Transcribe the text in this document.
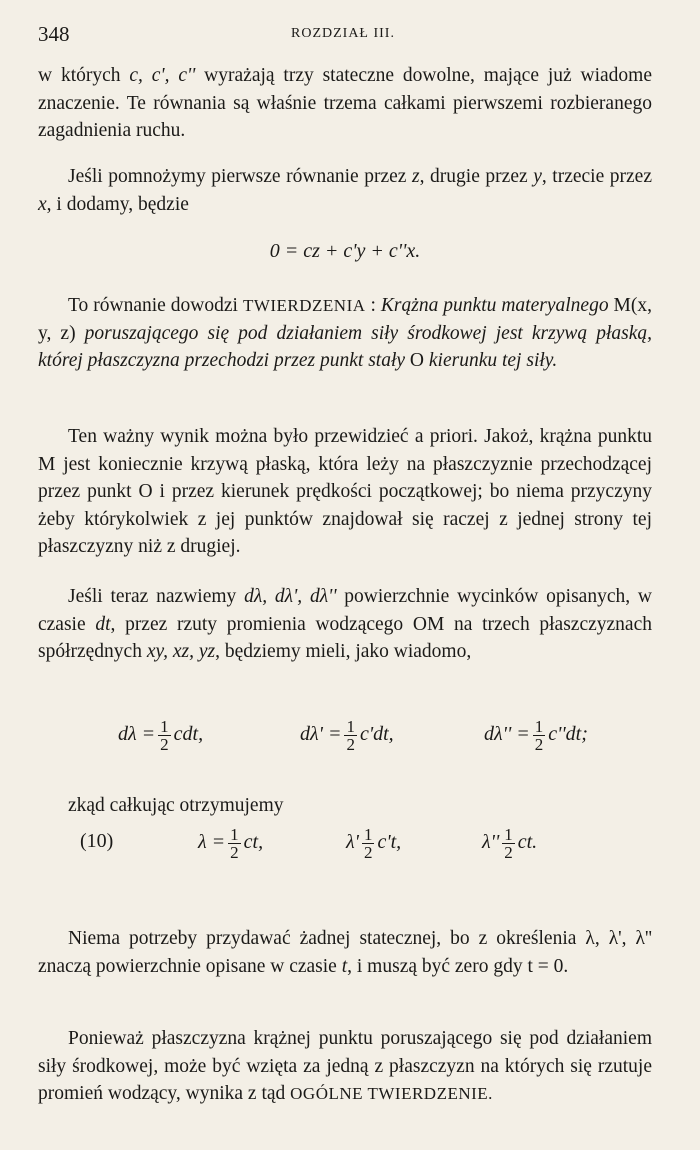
348	ROZDZIAŁ III.

w których c, c', c'' wyrażają trzy stateczne dowolne, mające już wiadome znaczenie. Te równania są właśnie trzema całkami pierwszemi rozbieranego zagadnienia ruchu.

Jeśli pomnożymy pierwsze równanie przez z, drugie przez y, trzecie przez x, i dodamy, będzie

0 = cz + c'y + c''x.

To równanie dowodzi TWIERDZENIA : Krążna punktu materyalnego M(x, y, z) poruszającego się pod działaniem siły środkowej jest krzywą płaską, której płaszczyzna przechodzi przez punkt stały O kierunku tej siły.

Ten ważny wynik można było przewidzieć a priori. Jakoż, krążna punktu M jest koniecznie krzywą płaską, która leży na płaszczyznie przechodzącej przez punkt O i przez kierunek prędkości początkowej; bo niema przyczyny żeby którykolwiek z jej punktów znajdował się raczej z jednej strony tej płaszczyzny niż z drugiej.

Jeśli teraz nazwiemy dλ, dλ', dλ'' powierzchnie wycinków opisanych, w czasie dt, przez rzuty promienia wodzącego OM na trzech płaszczyznach spółrzędnych xy, xz, yz, będziemy mieli, jako wiadomo,

$d\lambda = \frac{1}{2}$ cdt,	$d\lambda' = \frac{1}{2} c'dt$,	$d\lambda'' = \frac{1}{2} c''dt$;

zkąd całkując otrzymujemy

(10)	$\lambda = \frac{1}{2}$ ct,	$\lambda' \frac{1}{2} c't$,	$\lambda'' \frac{1}{2}$ ct.

Niema potrzeby przydawać żadnej statecznej, bo z określenia λ, λ', λ'' znaczą powierzchnie opisane w czasie t, i muszą być zero gdy t = 0.

Ponieważ płaszczyzna krążnej punktu poruszającego się pod działaniem siły środkowej, może być wzięta za jedną z płaszczyzn na których się rzutuje promień wodzący, wynika z tąd OGÓLNE TWIERDZENIE.
